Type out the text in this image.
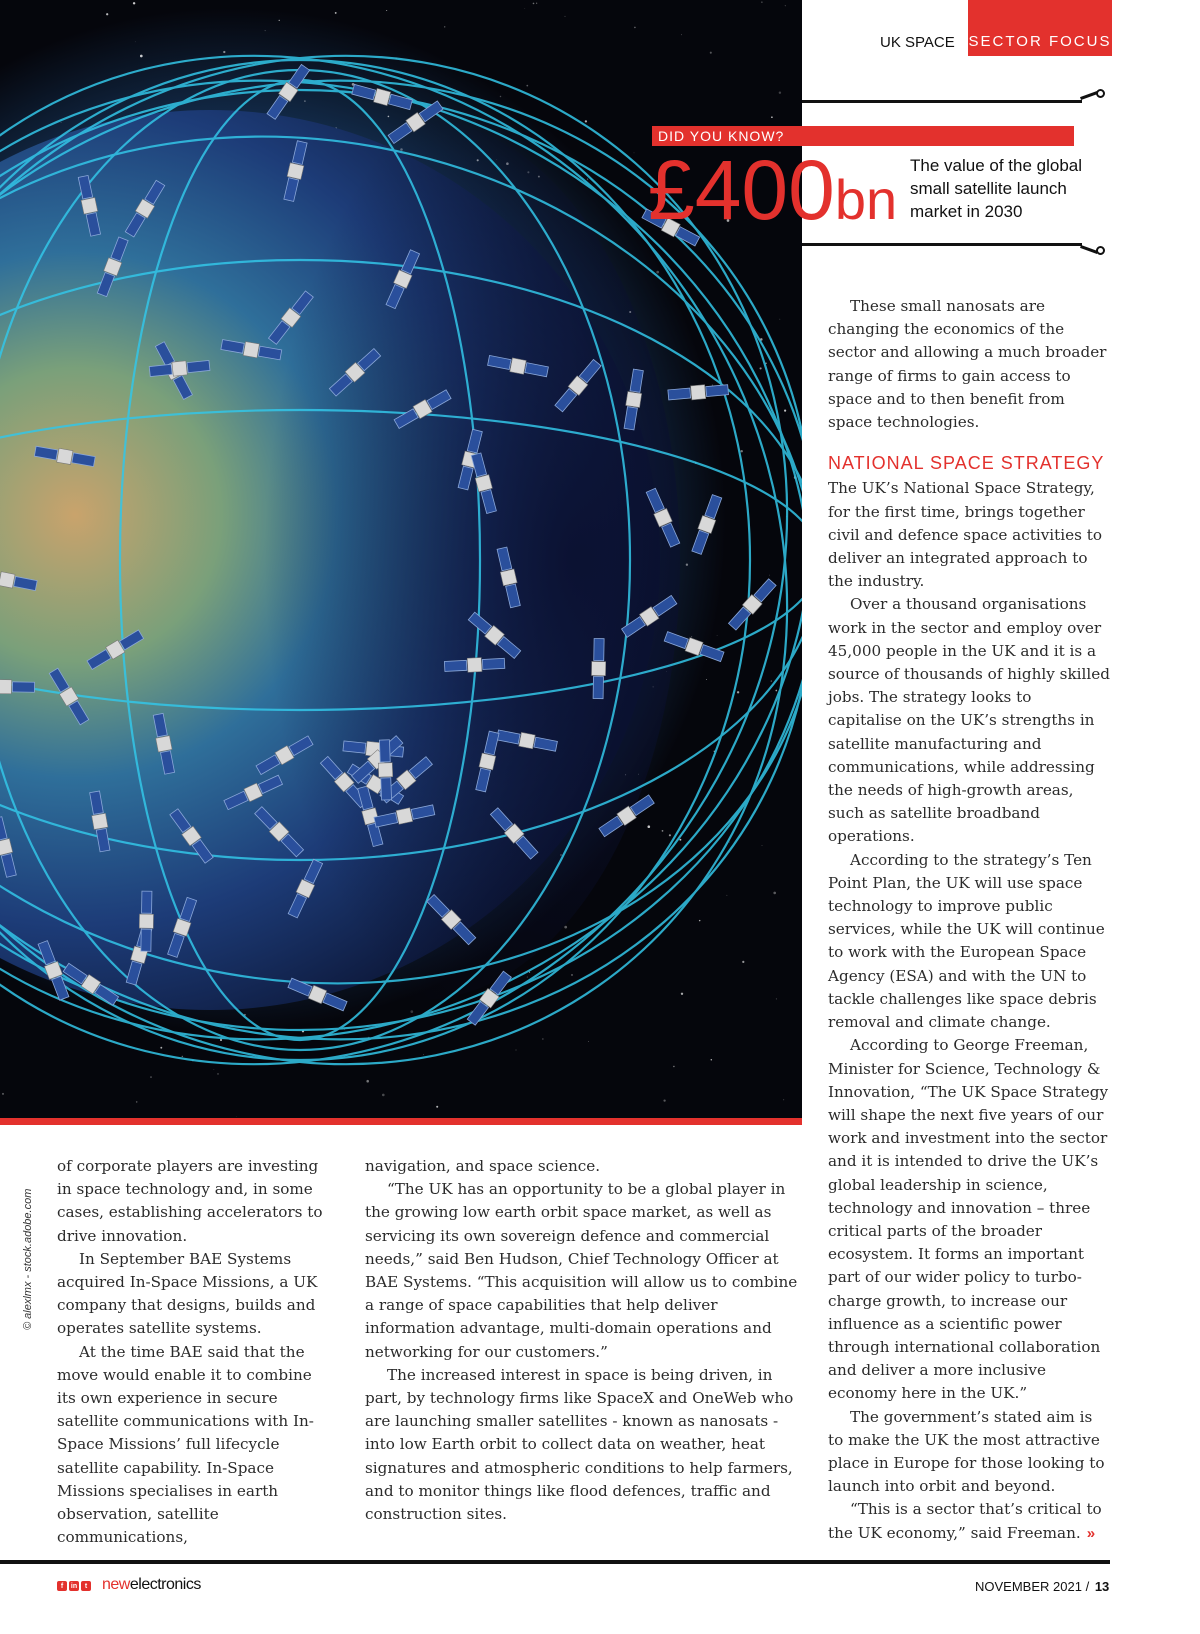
© alexlmx - stock.adobe.com
UK SPACE SECTOR FOCUS
DID YOU KNOW?
£400bn
The value of the global small satellite launch market in 2030

of corporate players are investing in space technology and, in some cases, establishing accelerators to drive innovation.

In September BAE Systems acquired In-Space Missions, a UK company that designs, builds and operates satellite systems.

At the time BAE said that the move would enable it to combine its own experience in secure satellite communications with In-Space Missions’ full lifecycle satellite capability. In-Space Missions specialises in earth observation, satellite communications,

navigation, and space science.

“The UK has an opportunity to be a global player in the growing low earth orbit space market, as well as servicing its own sovereign defence and commercial needs,” said Ben Hudson, Chief Technology Officer at BAE Systems. “This acquisition will allow us to combine a range of space capabilities that help deliver information advantage, multi-domain operations and networking for our customers.”

The increased interest in space is being driven, in part, by technology firms like SpaceX and OneWeb who are launching smaller satellites - known as nanosats - into low Earth orbit to collect data on weather, heat signatures and atmospheric conditions to help farmers, and to monitor things like flood defences, traffic and construction sites.

These small nanosats are changing the economics of the sector and allowing a much broader range of firms to gain access to space and to then benefit from space technologies.

NATIONAL SPACE STRATEGY

The UK’s National Space Strategy, for the first time, brings together civil and defence space activities to deliver an integrated approach to the industry.

Over a thousand organisations work in the sector and employ over 45,000 people in the UK and it is a source of thousands of highly skilled jobs. The strategy looks to capitalise on the UK’s strengths in satellite manufacturing and communications, while addressing the needs of high-growth areas, such as satellite broadband operations.

According to the strategy’s Ten Point Plan, the UK will use space technology to improve public services, while the UK will continue to work with the European Space Agency (ESA) and with the UN to tackle challenges like space debris removal and climate change.

According to George Freeman, Minister for Science, Technology & Innovation, “The UK Space Strategy will shape the next five years of our work and investment into the sector and it is intended to drive the UK’s global leadership in science, technology and innovation – three critical parts of the broader ecosystem. It forms an important part of our wider policy to turbo-charge growth, to increase our influence as a scientific power through international collaboration and deliver a more inclusive economy here in the UK.”

The government’s stated aim is to make the UK the most attractive place in Europe for those looking to launch into orbit and beyond.

“This is a sector that’s critical to the UK economy,” said Freeman. »

f	in	t newelectronics	NOVEMBER 2021 / 13
